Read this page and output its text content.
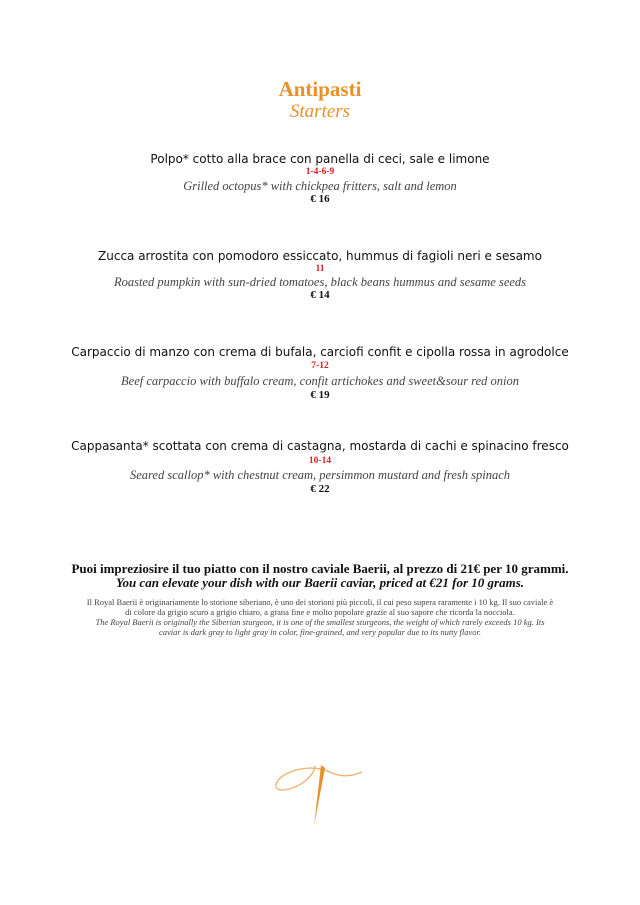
Antipasti
Starters
Polpo* cotto alla brace con panella di ceci, sale e limone
1-4-6-9
Grilled octopus* with chickpea fritters, salt and lemon
€ 16
Zucca arrostita con pomodoro essiccato, hummus di fagioli neri e sesamo
11
Roasted pumpkin with sun-dried tomatoes, black beans hummus and sesame seeds
€ 14
Carpaccio di manzo con crema di bufala, carciofi confit e cipolla rossa in agrodolce
7-12
Beef carpaccio with buffalo cream, confit artichokes and sweet&sour red onion
€ 19
Cappasanta* scottata con crema di castagna, mostarda di cachi e spinacino fresco
10-14
Seared scallop* with chestnut cream, persimmon mustard and fresh spinach
€ 22
Puoi impreziosire il tuo piatto con il nostro caviale Baerii, al prezzo di 21€ per 10 grammi.
You can elevate your dish with our Baerii caviar, priced at €21 for 10 grams.
Il Royal Baerii è originariamente lo storione siberiano, è uno dei storioni più piccoli, il cui peso supera raramente i 10 kg. Il suo caviale è
di colore da grigio scuro a grigio chiaro, a grana fine e molto popolare grazie al suo sapore che ricorda la nocciola.
The Royal Baerii is originally the Siberian sturgeon, it is one of the smallest sturgeons, the weight of which rarely exceeds 10 kg. Its
caviar is dark gray to light gray in color, fine-grained, and very popular due to its nutty flavor.
